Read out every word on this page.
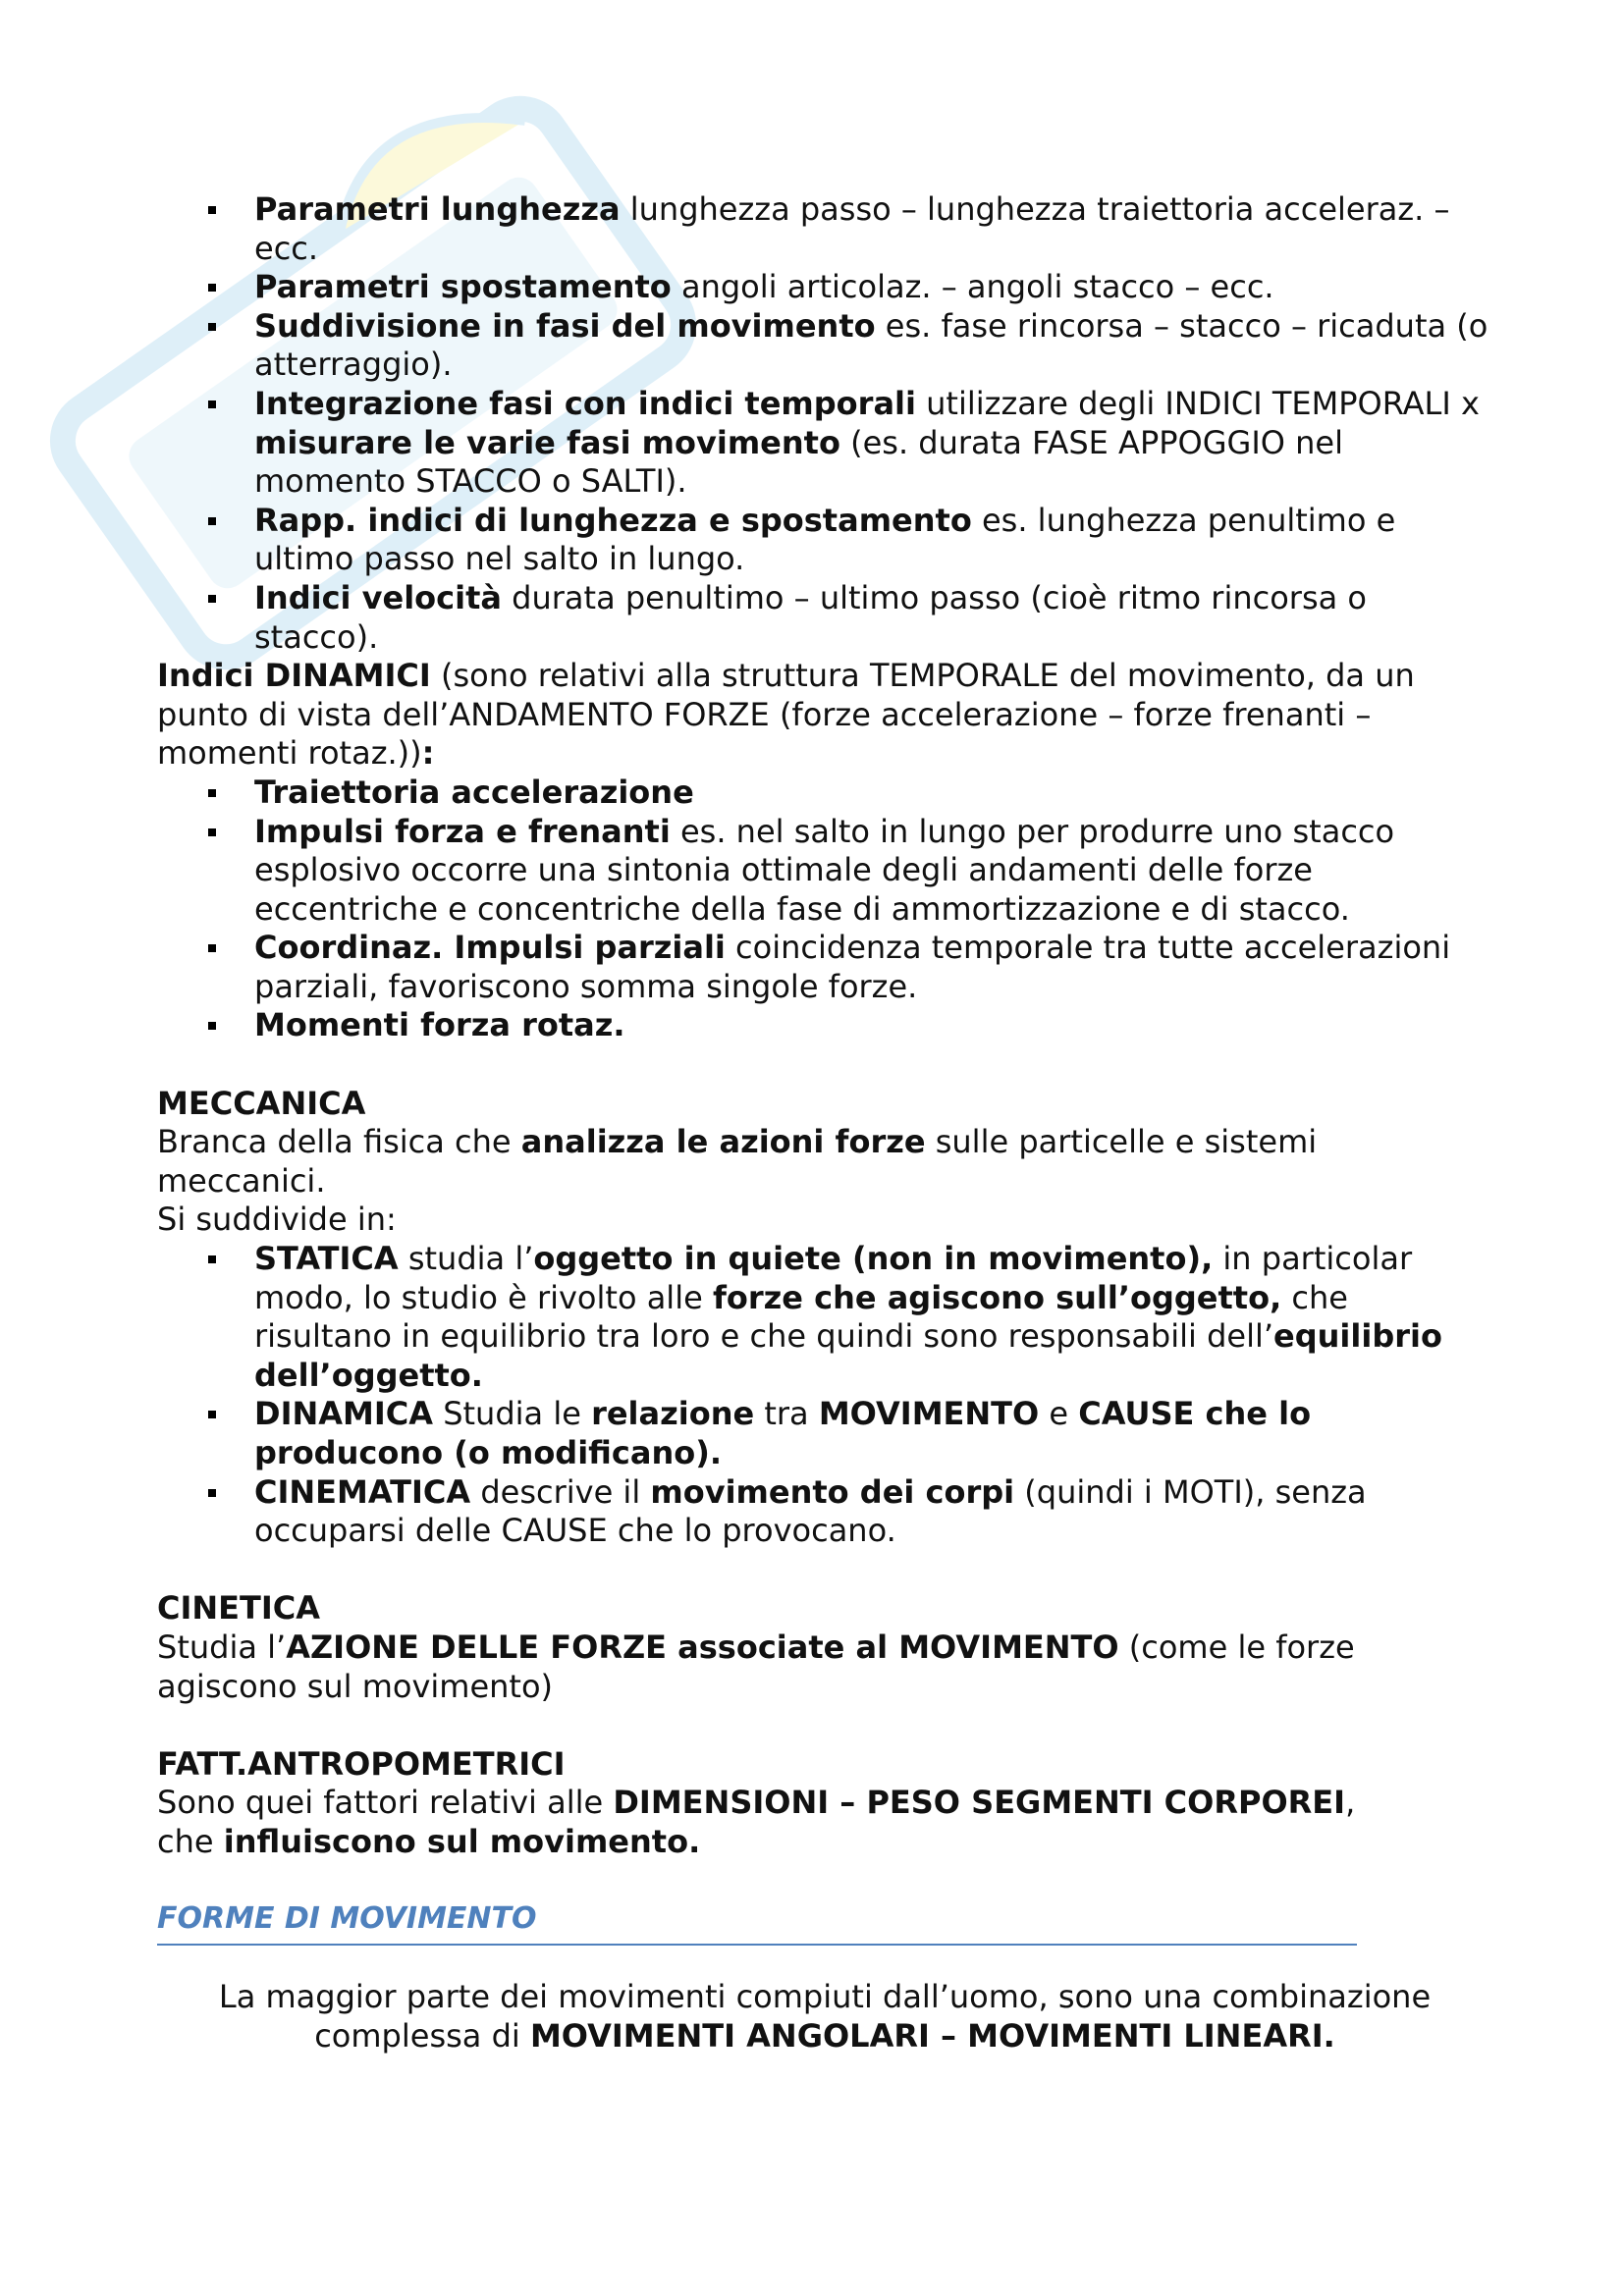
Parametri lunghezza lunghezza passo – lunghezza traiettoria acceleraz. – ecc.
Parametri spostamento angoli articolaz. – angoli stacco – ecc.
Suddivisione in fasi del movimento es. fase rincorsa – stacco – ricaduta (o atterraggio).
Integrazione fasi con indici temporali utilizzare degli INDICI TEMPORALI x misurare le varie fasi movimento (es. durata FASE APPOGGIO nel momento STACCO o SALTI).
Rapp. indici di lunghezza e spostamento es. lunghezza penultimo e ultimo passo nel salto in lungo.
Indici velocità durata penultimo – ultimo passo (cioè ritmo rincorsa o stacco).
Indici DINAMICI (sono relativi alla struttura TEMPORALE del movimento, da un punto di vista dell’ANDAMENTO FORZE (forze accelerazione – forze frenanti – momenti rotaz.)):
Traiettoria accelerazione
Impulsi forza e frenanti es. nel salto in lungo per produrre uno stacco esplosivo occorre una sintonia ottimale degli andamenti delle forze eccentriche e concentriche della fase di ammortizzazione e di stacco.
Coordinaz. Impulsi parziali coincidenza temporale tra tutte accelerazioni parziali, favoriscono somma singole forze.
Momenti forza rotaz.
MECCANICA
Branca della fisica che analizza le azioni forze sulle particelle e sistemi meccanici.
Si suddivide in:
STATICA studia l’oggetto in quiete (non in movimento), in particolar modo, lo studio è rivolto alle forze che agiscono sull’oggetto, che risultano in equilibrio tra loro e che quindi sono responsabili dell’equilibrio dell’oggetto.
DINAMICA Studia le relazione tra MOVIMENTO e CAUSE che lo producono (o modificano).
CINEMATICA descrive il movimento dei corpi (quindi i MOTI), senza occuparsi delle CAUSE che lo provocano.
CINETICA
Studia l’AZIONE DELLE FORZE associate al MOVIMENTO (come le forze agiscono sul movimento)
FATT.ANTROPOMETRICI
Sono quei fattori relativi alle DIMENSIONI – PESO SEGMENTI CORPOREI,
che influiscono sul movimento.
FORME DI MOVIMENTO
La maggior parte dei movimenti compiuti dall’uomo, sono una combinazione complessa di MOVIMENTI ANGOLARI – MOVIMENTI LINEARI.
